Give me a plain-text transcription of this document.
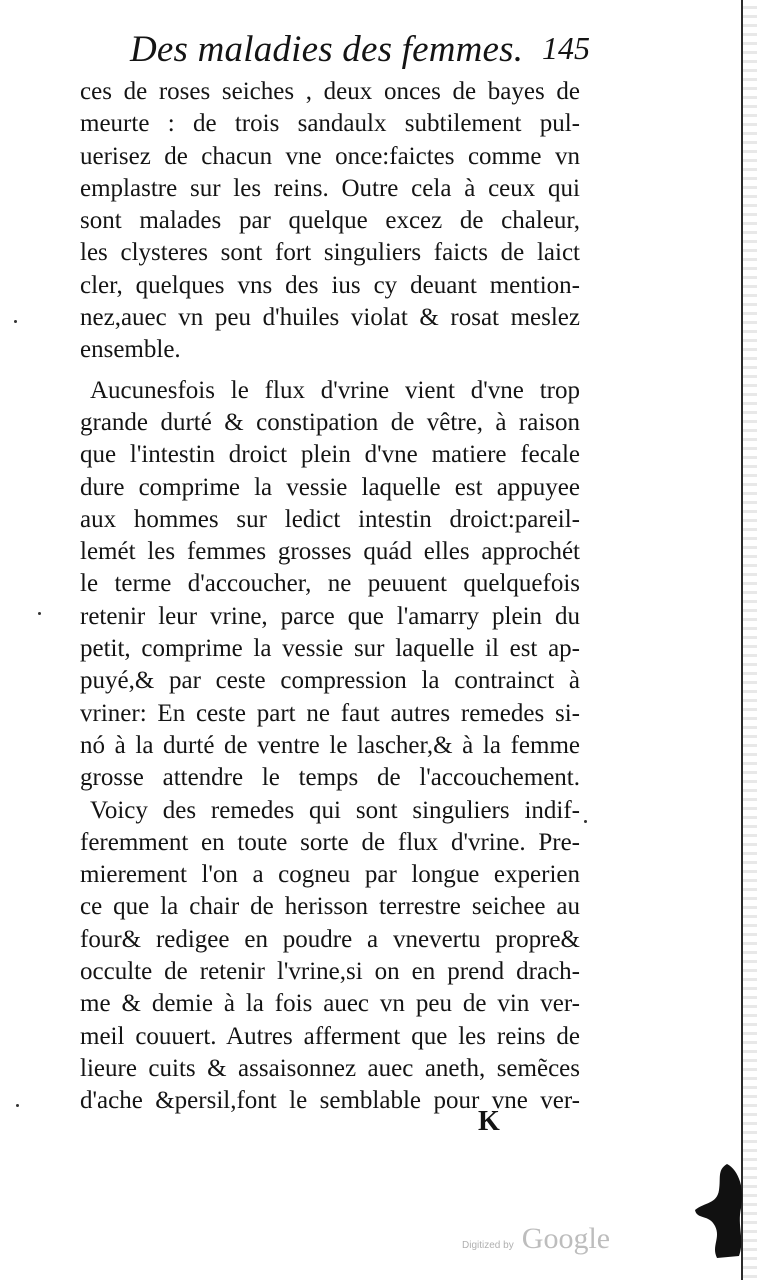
Des maladies des femmes. 145
ces de roses seiches , deux onces de bayes de
meurte : de trois sandaulx subtilement pul-
uerisez de chacun vne once:faictes comme vn
emplastre sur les reins. Outre cela à ceux qui
sont malades par quelque excez de chaleur,
les clysteres sont fort singuliers faicts de laict
cler, quelques vns des ius cy deuant mention-
nez,auec vn peu d'huiles violat & rosat meslez
ensemble.
Aucunesfois le flux d'vrine vient d'vne trop
grande durté & constipation de vêtre, à raison
que l'intestin droict plein d'vne matiere fecale
dure comprime la vessie laquelle est appuyee
aux hommes sur ledict intestin droict:pareil-
lemét les femmes grosses quád elles approchét
le terme d'accoucher, ne peuuent quelquefois
retenir leur vrine, parce que l'amarry plein du
petit, comprime la vessie sur laquelle il est ap-
puyé,& par ceste compression la contrainct à
vriner: En ceste part ne faut autres remedes si-
nó à la durté de ventre le lascher,& à la femme
grosse attendre le temps de l'accouchement.
Voicy des remedes qui sont singuliers indif-
feremment en toute sorte de flux d'vrine. Pre-
mierement l'on a cogneu par longue experien
ce que la chair de herisson terrestre seichee au
four& redigee en poudre a vnevertu propre&
occulte de retenir l'vrine,si on en prend drach-
me & demie à la fois auec vn peu de vin ver-
meil couuert. Autres afferment que les reins de
lieure cuits & assaisonnez auec aneth, semẽces
d'ache &persil,font le semblable pour vne ver-
K
Digitized by Google
